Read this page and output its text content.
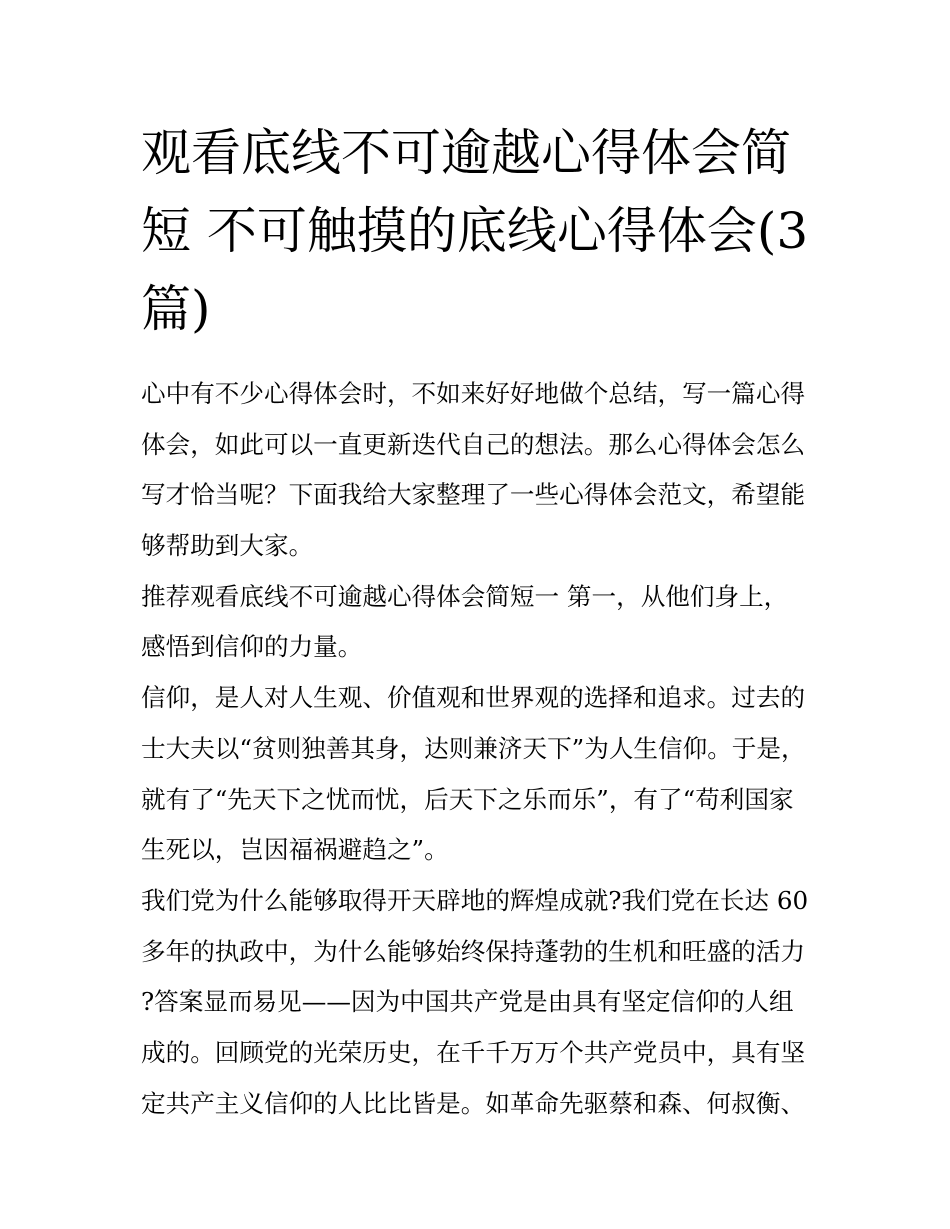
观看底线不可逾越心得体会简
短 不可触摸的底线心得体会(3
篇)
心中有不少心得体会时，不如来好好地做个总结，写一篇心得
体会，如此可以一直更新迭代自己的想法。那么心得体会怎么
写才恰当呢？下面我给大家整理了一些心得体会范文，希望能
够帮助到大家。
推荐观看底线不可逾越心得体会简短一 第一，从他们身上，
感悟到信仰的力量。
信仰，是人对人生观、价值观和世界观的选择和追求。过去的
士大夫以“贫则独善其身，达则兼济天下”为人生信仰。于是，
就有了“先天下之忧而忧，后天下之乐而乐”，有了“苟利国家
生死以，岂因福祸避趋之”。
我们党为什么能够取得开天辟地的辉煌成就?我们党在长达 60
多年的执政中，为什么能够始终保持蓬勃的生机和旺盛的活力
?答案显而易见——因为中国共产党是由具有坚定信仰的人组
成的。回顾党的光荣历史，在千千万万个共产党员中，具有坚
定共产主义信仰的人比比皆是。如革命先驱蔡和森、何叔衡、
